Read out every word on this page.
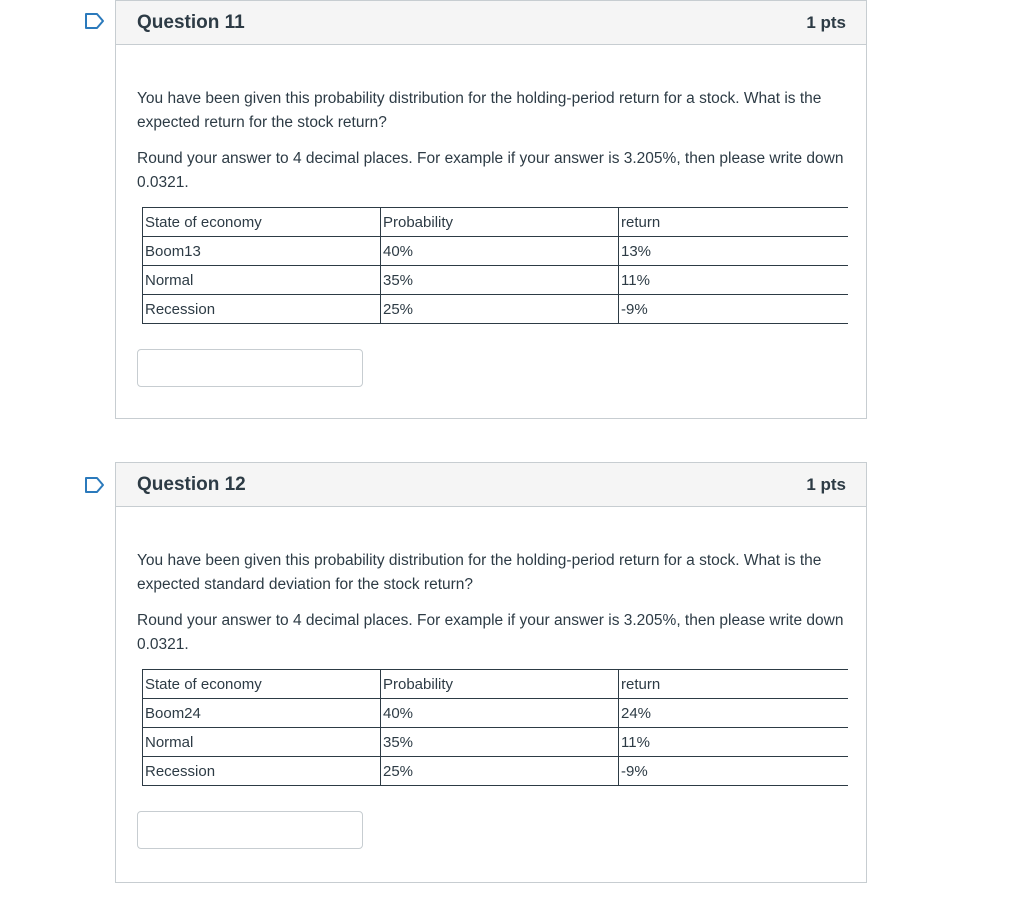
Question 11	1 pts

You have been given this probability distribution for the holding-period return for a stock. What is the expected return for the stock return?

Round your answer to 4 decimal places. For example if your answer is 3.205%, then please write down 0.0321.

State of economy	Probability	return
Boom13	40%	13%
Normal	35%	11%
Recession	25%	-9%
Question 12	1 pts

You have been given this probability distribution for the holding-period return for a stock. What is the expected standard deviation for the stock return?

Round your answer to 4 decimal places. For example if your answer is 3.205%, then please write down 0.0321.

State of economy	Probability	return
Boom24	40%	24%
Normal	35%	11%
Recession	25%	-9%
